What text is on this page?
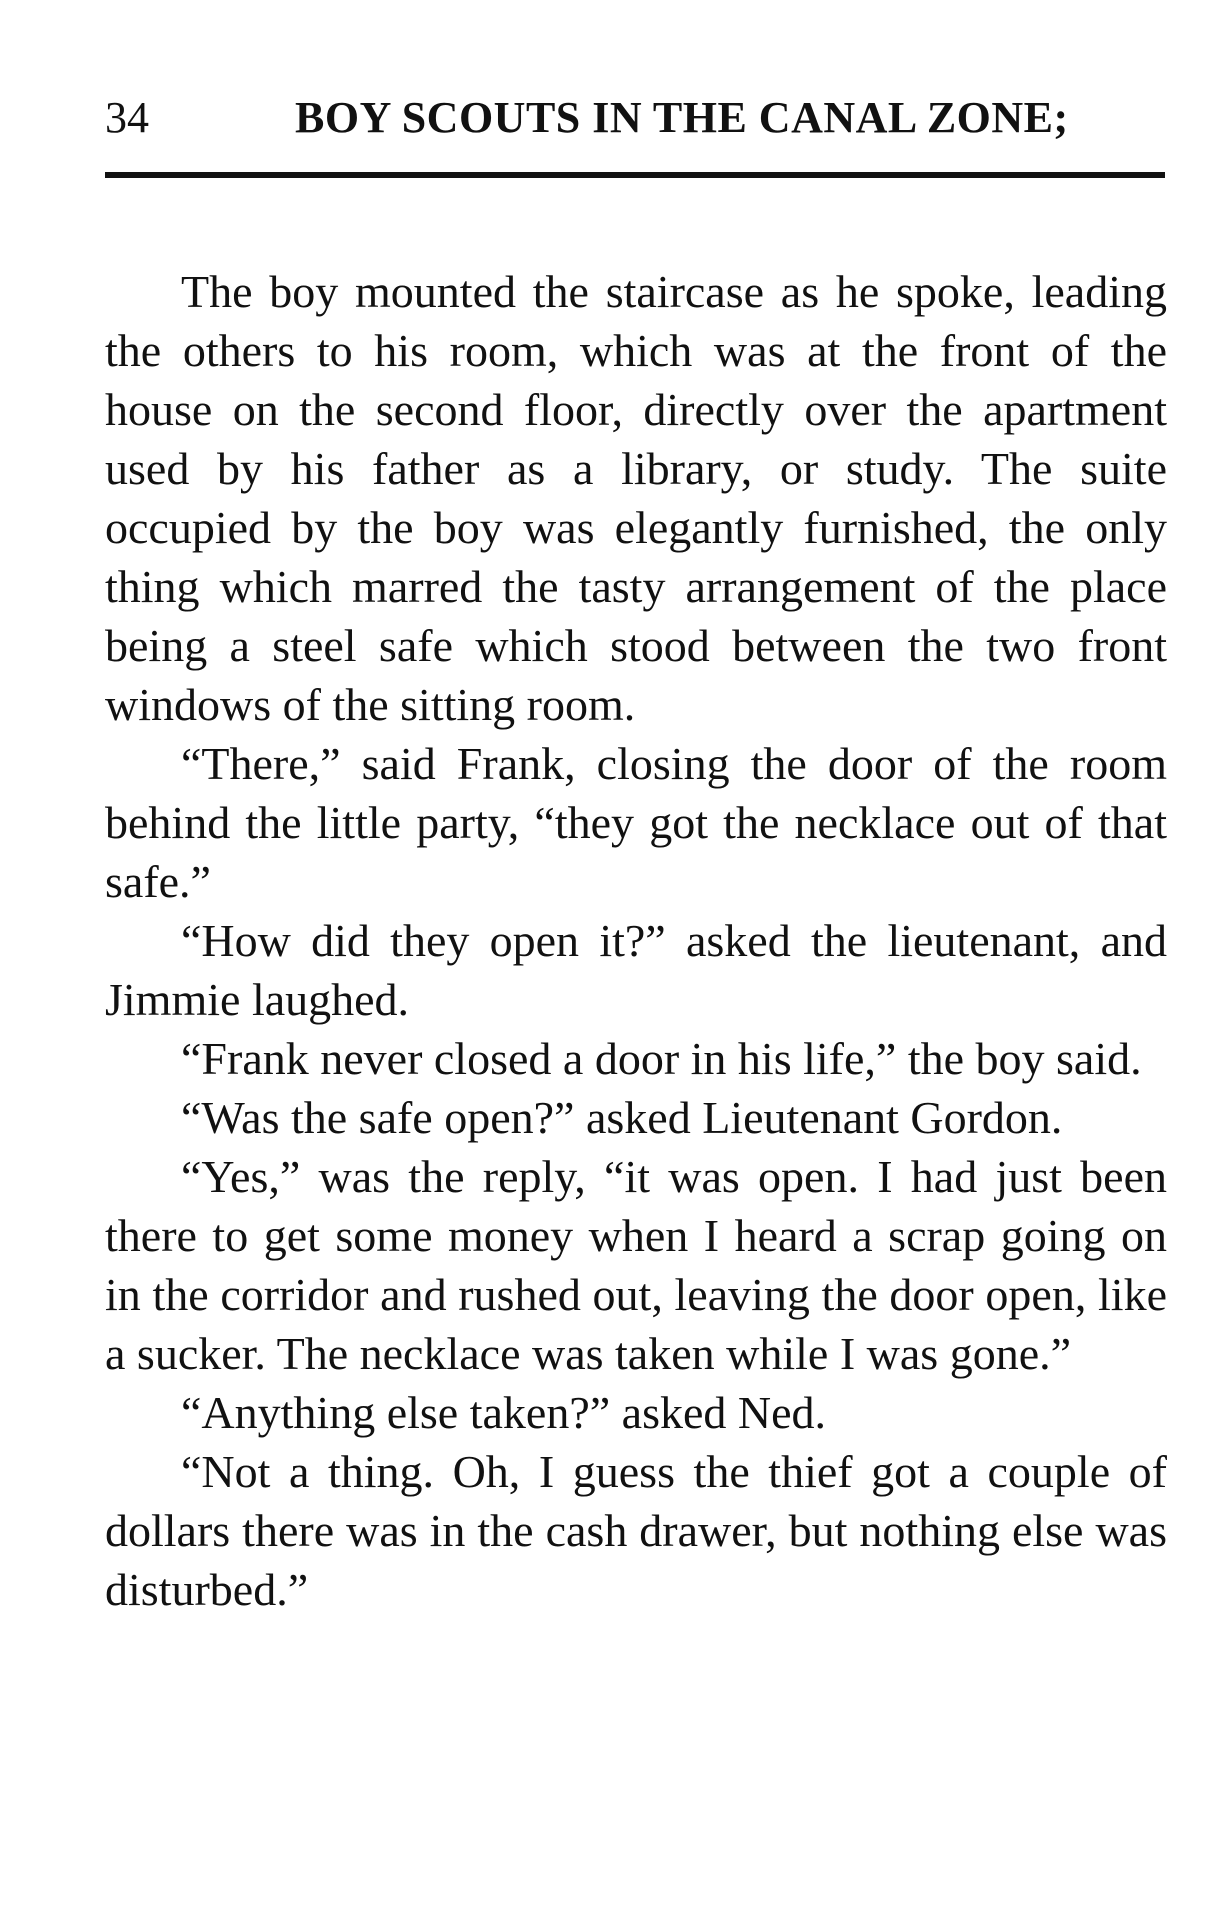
34	BOY SCOUTS IN THE CANAL ZONE;

The boy mounted the staircase as he spoke, leading the others to his room, which was at the front of the house on the second floor, directly over the apartment used by his father as a library, or study. The suite occupied by the boy was elegantly furnished, the only thing which marred the tasty arrangement of the place being a steel safe which stood between the two front windows of the sitting room.

“There,” said Frank, closing the door of the room behind the little party, “they got the necklace out of that safe.”

“How did they open it?” asked the lieutenant, and Jimmie laughed.

“Frank never closed a door in his life,” the boy said.

“Was the safe open?” asked Lieutenant Gordon.

“Yes,” was the reply, “it was open. I had just been there to get some money when I heard a scrap going on in the corridor and rushed out, leaving the door open, like a sucker. The necklace was taken while I was gone.”

“Anything else taken?” asked Ned.

“Not a thing. Oh, I guess the thief got a couple of dollars there was in the cash drawer, but nothing else was disturbed.”
